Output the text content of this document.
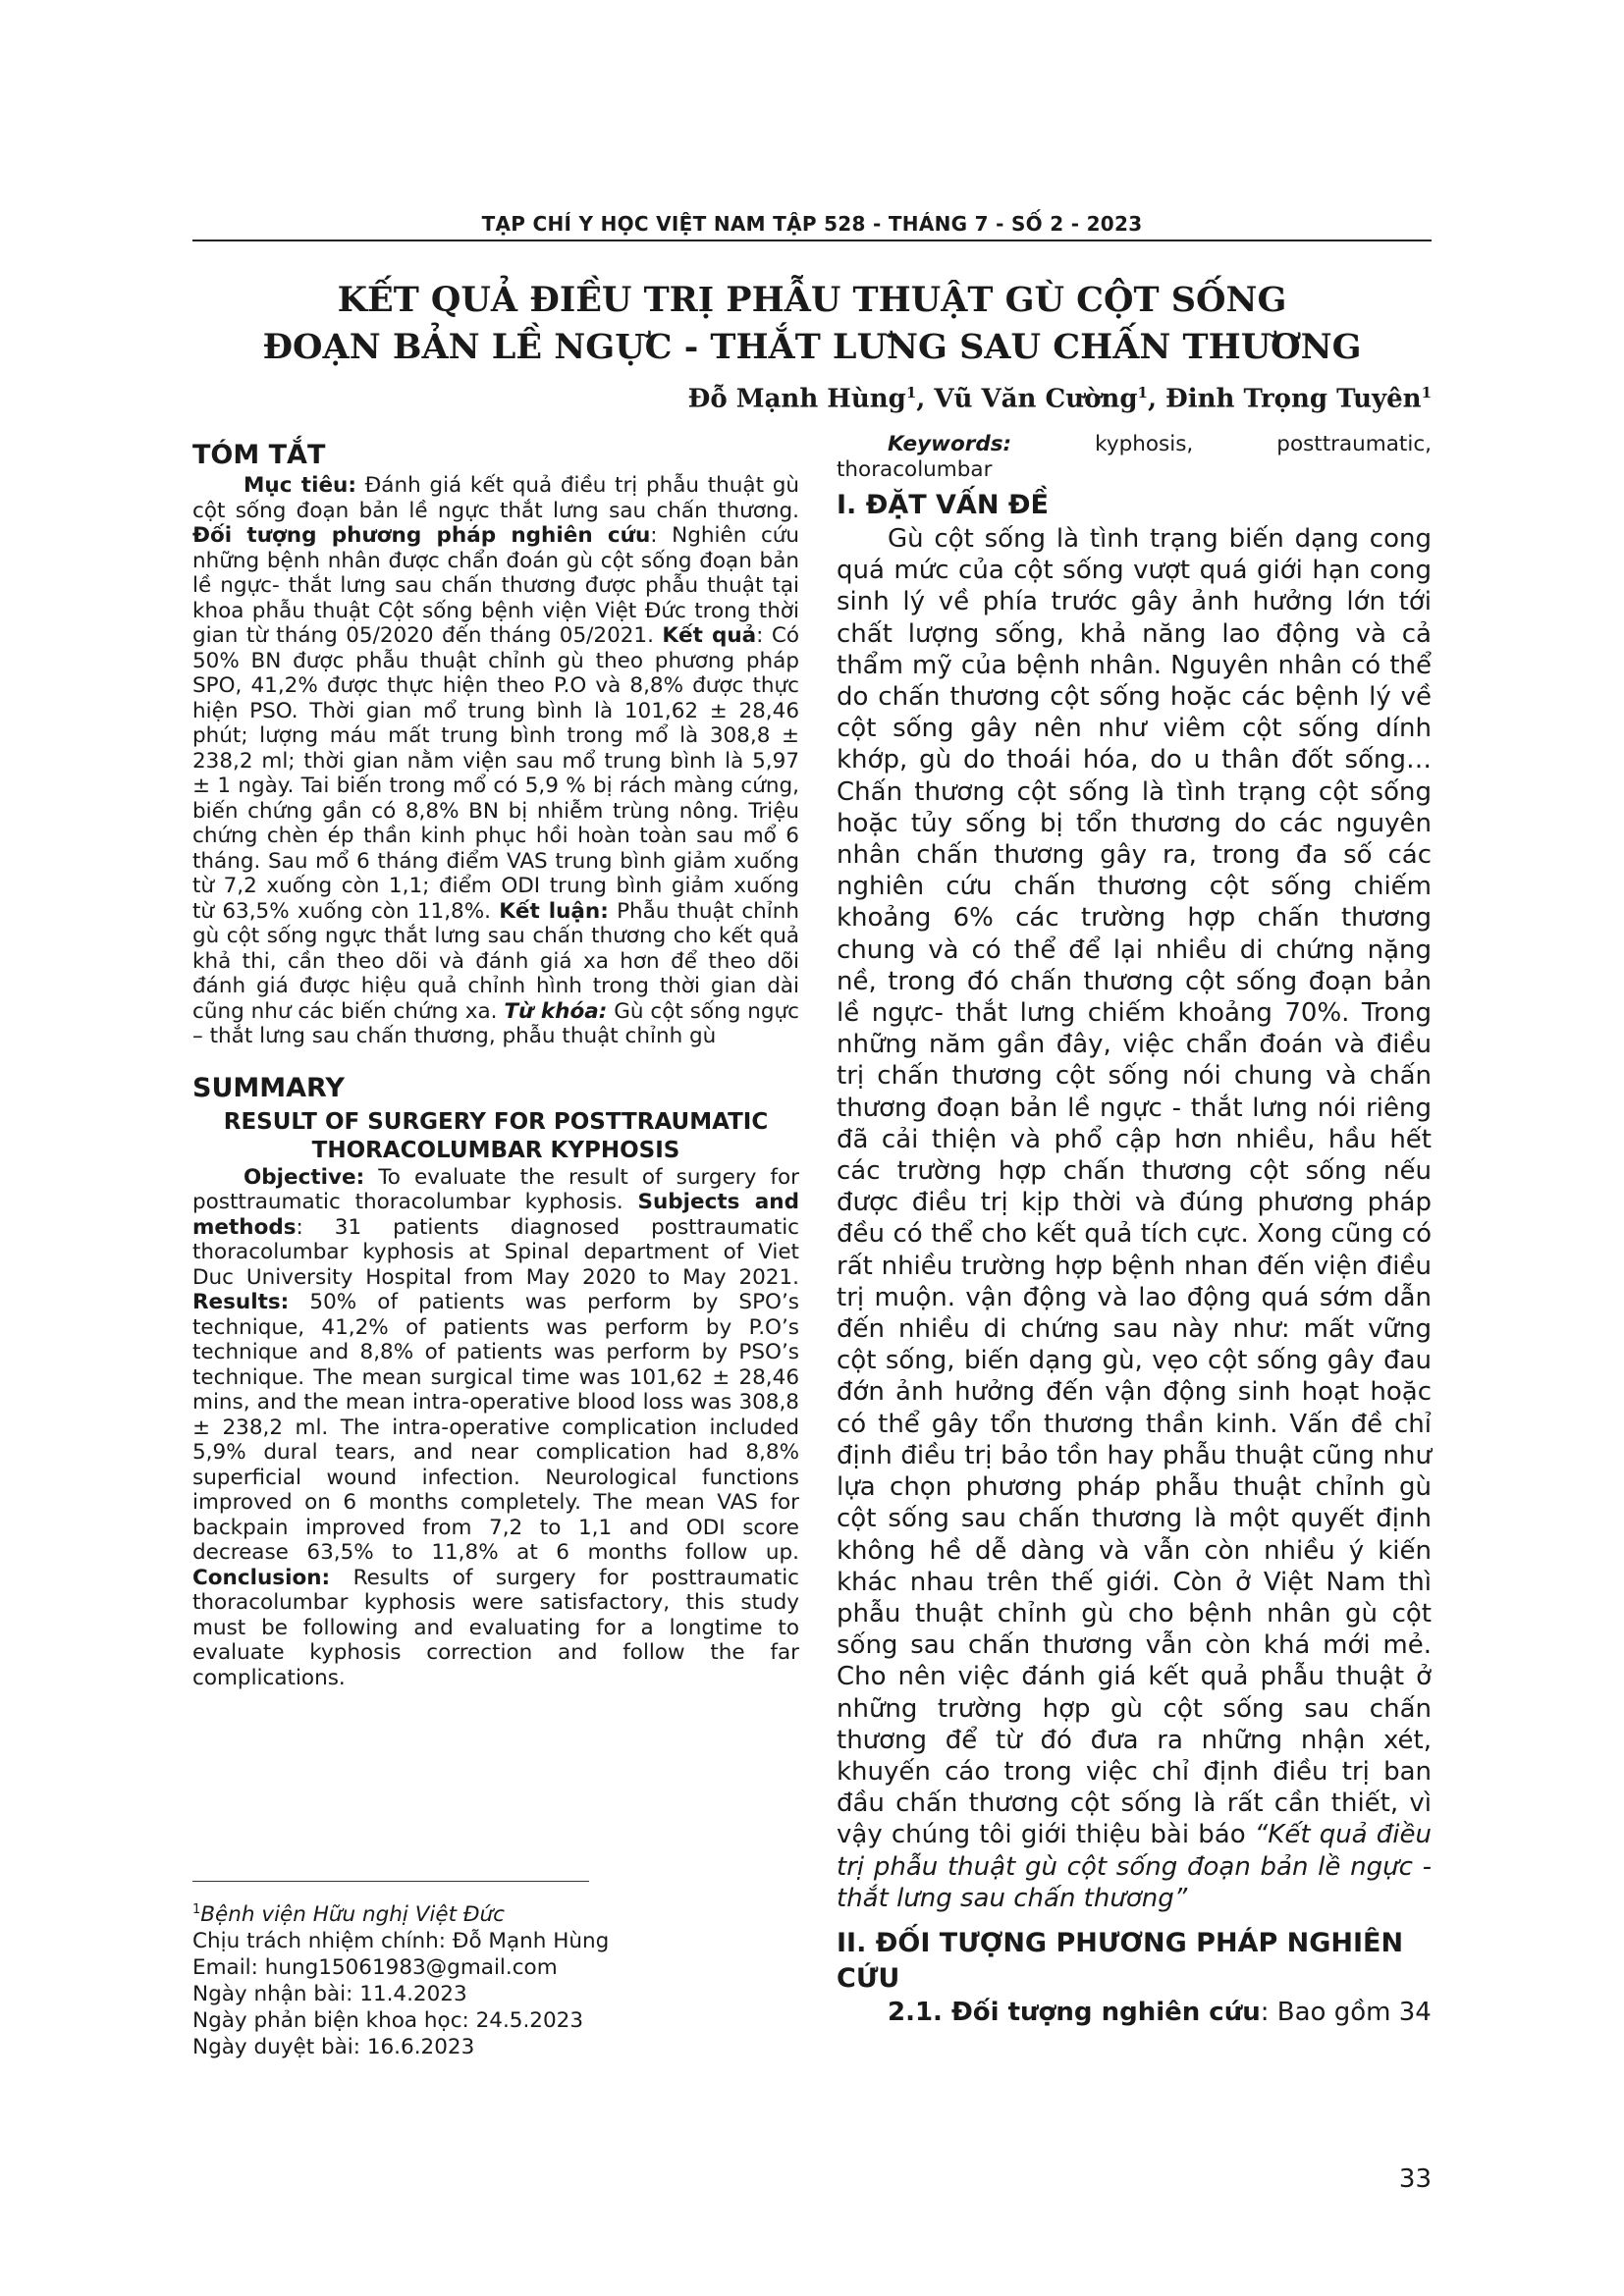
TẠP CHÍ Y HỌC VIỆT NAM TẬP 528 - THÁNG 7 - SỐ 2 - 2023
KẾT QUẢ ĐIỀU TRỊ PHẪU THUẬT GÙ CỘT SỐNG
ĐOẠN BẢN LỀ NGỰC - THẮT LƯNG SAU CHẤN THƯƠNG
Đỗ Mạnh Hùng$^1$, Vũ Văn Cường$^1$, Đinh Trọng Tuyên$^1$
TÓM TẮT

Mục tiêu: Đánh giá kết quả điều trị phẫu thuật gù cột sống đoạn bản lề ngực thắt lưng sau chấn thương. Đối tượng phương pháp nghiên cứu: Nghiên cứu những bệnh nhân được chẩn đoán gù cột sống đoạn bản lề ngực- thắt lưng sau chấn thương được phẫu thuật tại khoa phẫu thuật Cột sống bệnh viện Việt Đức trong thời gian từ tháng 05/2020 đến tháng 05/2021. Kết quả: Có 50% BN được phẫu thuật chỉnh gù theo phương pháp SPO, 41,2% được thực hiện theo P.O và 8,8% được thực hiện PSO. Thời gian mổ trung bình là 101,62 ± 28,46 phút; lượng máu mất trung bình trong mổ là 308,8 ± 238,2 ml; thời gian nằm viện sau mổ trung bình là 5,97 ± 1 ngày. Tai biến trong mổ có 5,9 % bị rách màng cứng, biến chứng gần có 8,8% BN bị nhiễm trùng nông. Triệu chứng chèn ép thần kinh phục hồi hoàn toàn sau mổ 6 tháng. Sau mổ 6 tháng điểm VAS trung bình giảm xuống từ 7,2 xuống còn 1,1; điểm ODI trung bình giảm xuống từ 63,5% xuống còn 11,8%. Kết luận: Phẫu thuật chỉnh gù cột sống ngực thắt lưng sau chấn thương cho kết quả khả thi, cần theo dõi và đánh giá xa hơn để theo dõi đánh giá được hiệu quả chỉnh hình trong thời gian dài cũng như các biến chứng xa. Từ khóa: Gù cột sống ngực – thắt lưng sau chấn thương, phẫu thuật chỉnh gù

SUMMARY
RESULT OF SURGERY FOR POSTTRAUMATIC
THORACOLUMBAR KYPHOSIS

Objective: To evaluate the result of surgery for posttraumatic thoracolumbar kyphosis. Subjects and methods: 31 patients diagnosed posttraumatic thoracolumbar kyphosis at Spinal department of Viet Duc University Hospital from May 2020 to May 2021. Results: 50% of patients was perform by SPO’s technique, 41,2% of patients was perform by P.O’s technique and 8,8% of patients was perform by PSO’s technique. The mean surgical time was 101,62 ± 28,46 mins, and the mean intra-operative blood loss was 308,8 ± 238,2 ml. The intra-operative complication included 5,9% dural tears, and near complication had 8,8% superficial wound infection. Neurological functions improved on 6 months completely. The mean VAS for backpain improved from 7,2 to 1,1 and ODI score decrease 63,5% to 11,8% at 6 months follow up. Conclusion: Results of surgery for posttraumatic thoracolumbar kyphosis were satisfactory, this study must be following and evaluating for a longtime to evaluate kyphosis correction and follow the far complications.

$^1$Bệnh viện Hữu nghị Việt Đức
Chịu trách nhiệm chính: Đỗ Mạnh Hùng
Email: hung15061983@gmail.com
Ngày nhận bài: 11.4.2023
Ngày phản biện khoa học: 24.5.2023
Ngày duyệt bài: 16.6.2023

Keywords: kyphosis, posttraumatic, thoracolumbar

I. ĐẶT VẤN ĐỀ

Gù cột sống là tình trạng biến dạng cong quá mức của cột sống vượt quá giới hạn cong sinh lý về phía trước gây ảnh hưởng lớn tới chất lượng sống, khả năng lao động và cả thẩm mỹ của bệnh nhân. Nguyên nhân có thể do chấn thương cột sống hoặc các bệnh lý về cột sống gây nên như viêm cột sống dính khớp, gù do thoái hóa, do u thân đốt sống… Chấn thương cột sống là tình trạng cột sống hoặc tủy sống bị tổn thương do các nguyên nhân chấn thương gây ra, trong đa số các nghiên cứu chấn thương cột sống chiếm khoảng 6% các trường hợp chấn thương chung và có thể để lại nhiều di chứng nặng nề, trong đó chấn thương cột sống đoạn bản lề ngực- thắt lưng chiếm khoảng 70%. Trong những năm gần đây, việc chẩn đoán và điều trị chấn thương cột sống nói chung và chấn thương đoạn bản lề ngực - thắt lưng nói riêng đã cải thiện và phổ cập hơn nhiều, hầu hết các trường hợp chấn thương cột sống nếu được điều trị kịp thời và đúng phương pháp đều có thể cho kết quả tích cực. Xong cũng có rất nhiều trường hợp bệnh nhan đến viện điều trị muộn. vận động và lao động quá sớm dẫn đến nhiều di chứng sau này như: mất vững cột sống, biến dạng gù, vẹo cột sống gây đau đớn ảnh hưởng đến vận động sinh hoạt hoặc có thể gây tổn thương thần kinh. Vấn đề chỉ định điều trị bảo tồn hay phẫu thuật cũng như lựa chọn phương pháp phẫu thuật chỉnh gù cột sống sau chấn thương là một quyết định không hề dễ dàng và vẫn còn nhiều ý kiến khác nhau trên thế giới. Còn ở Việt Nam thì phẫu thuật chỉnh gù cho bệnh nhân gù cột sống sau chấn thương vẫn còn khá mới mẻ. Cho nên việc đánh giá kết quả phẫu thuật ở những trường hợp gù cột sống sau chấn thương để từ đó đưa ra những nhận xét, khuyến cáo trong việc chỉ định điều trị ban đầu chấn thương cột sống là rất cần thiết, vì vậy chúng tôi giới thiệu bài báo “Kết quả điều trị phẫu thuật gù cột sống đoạn bản lề ngực - thắt lưng sau chấn thương”

II. ĐỐI TƯỢNG PHƯƠNG PHÁP NGHIÊN CỨU

2.1. Đối tượng nghiên cứu: Bao gồm 34

33
